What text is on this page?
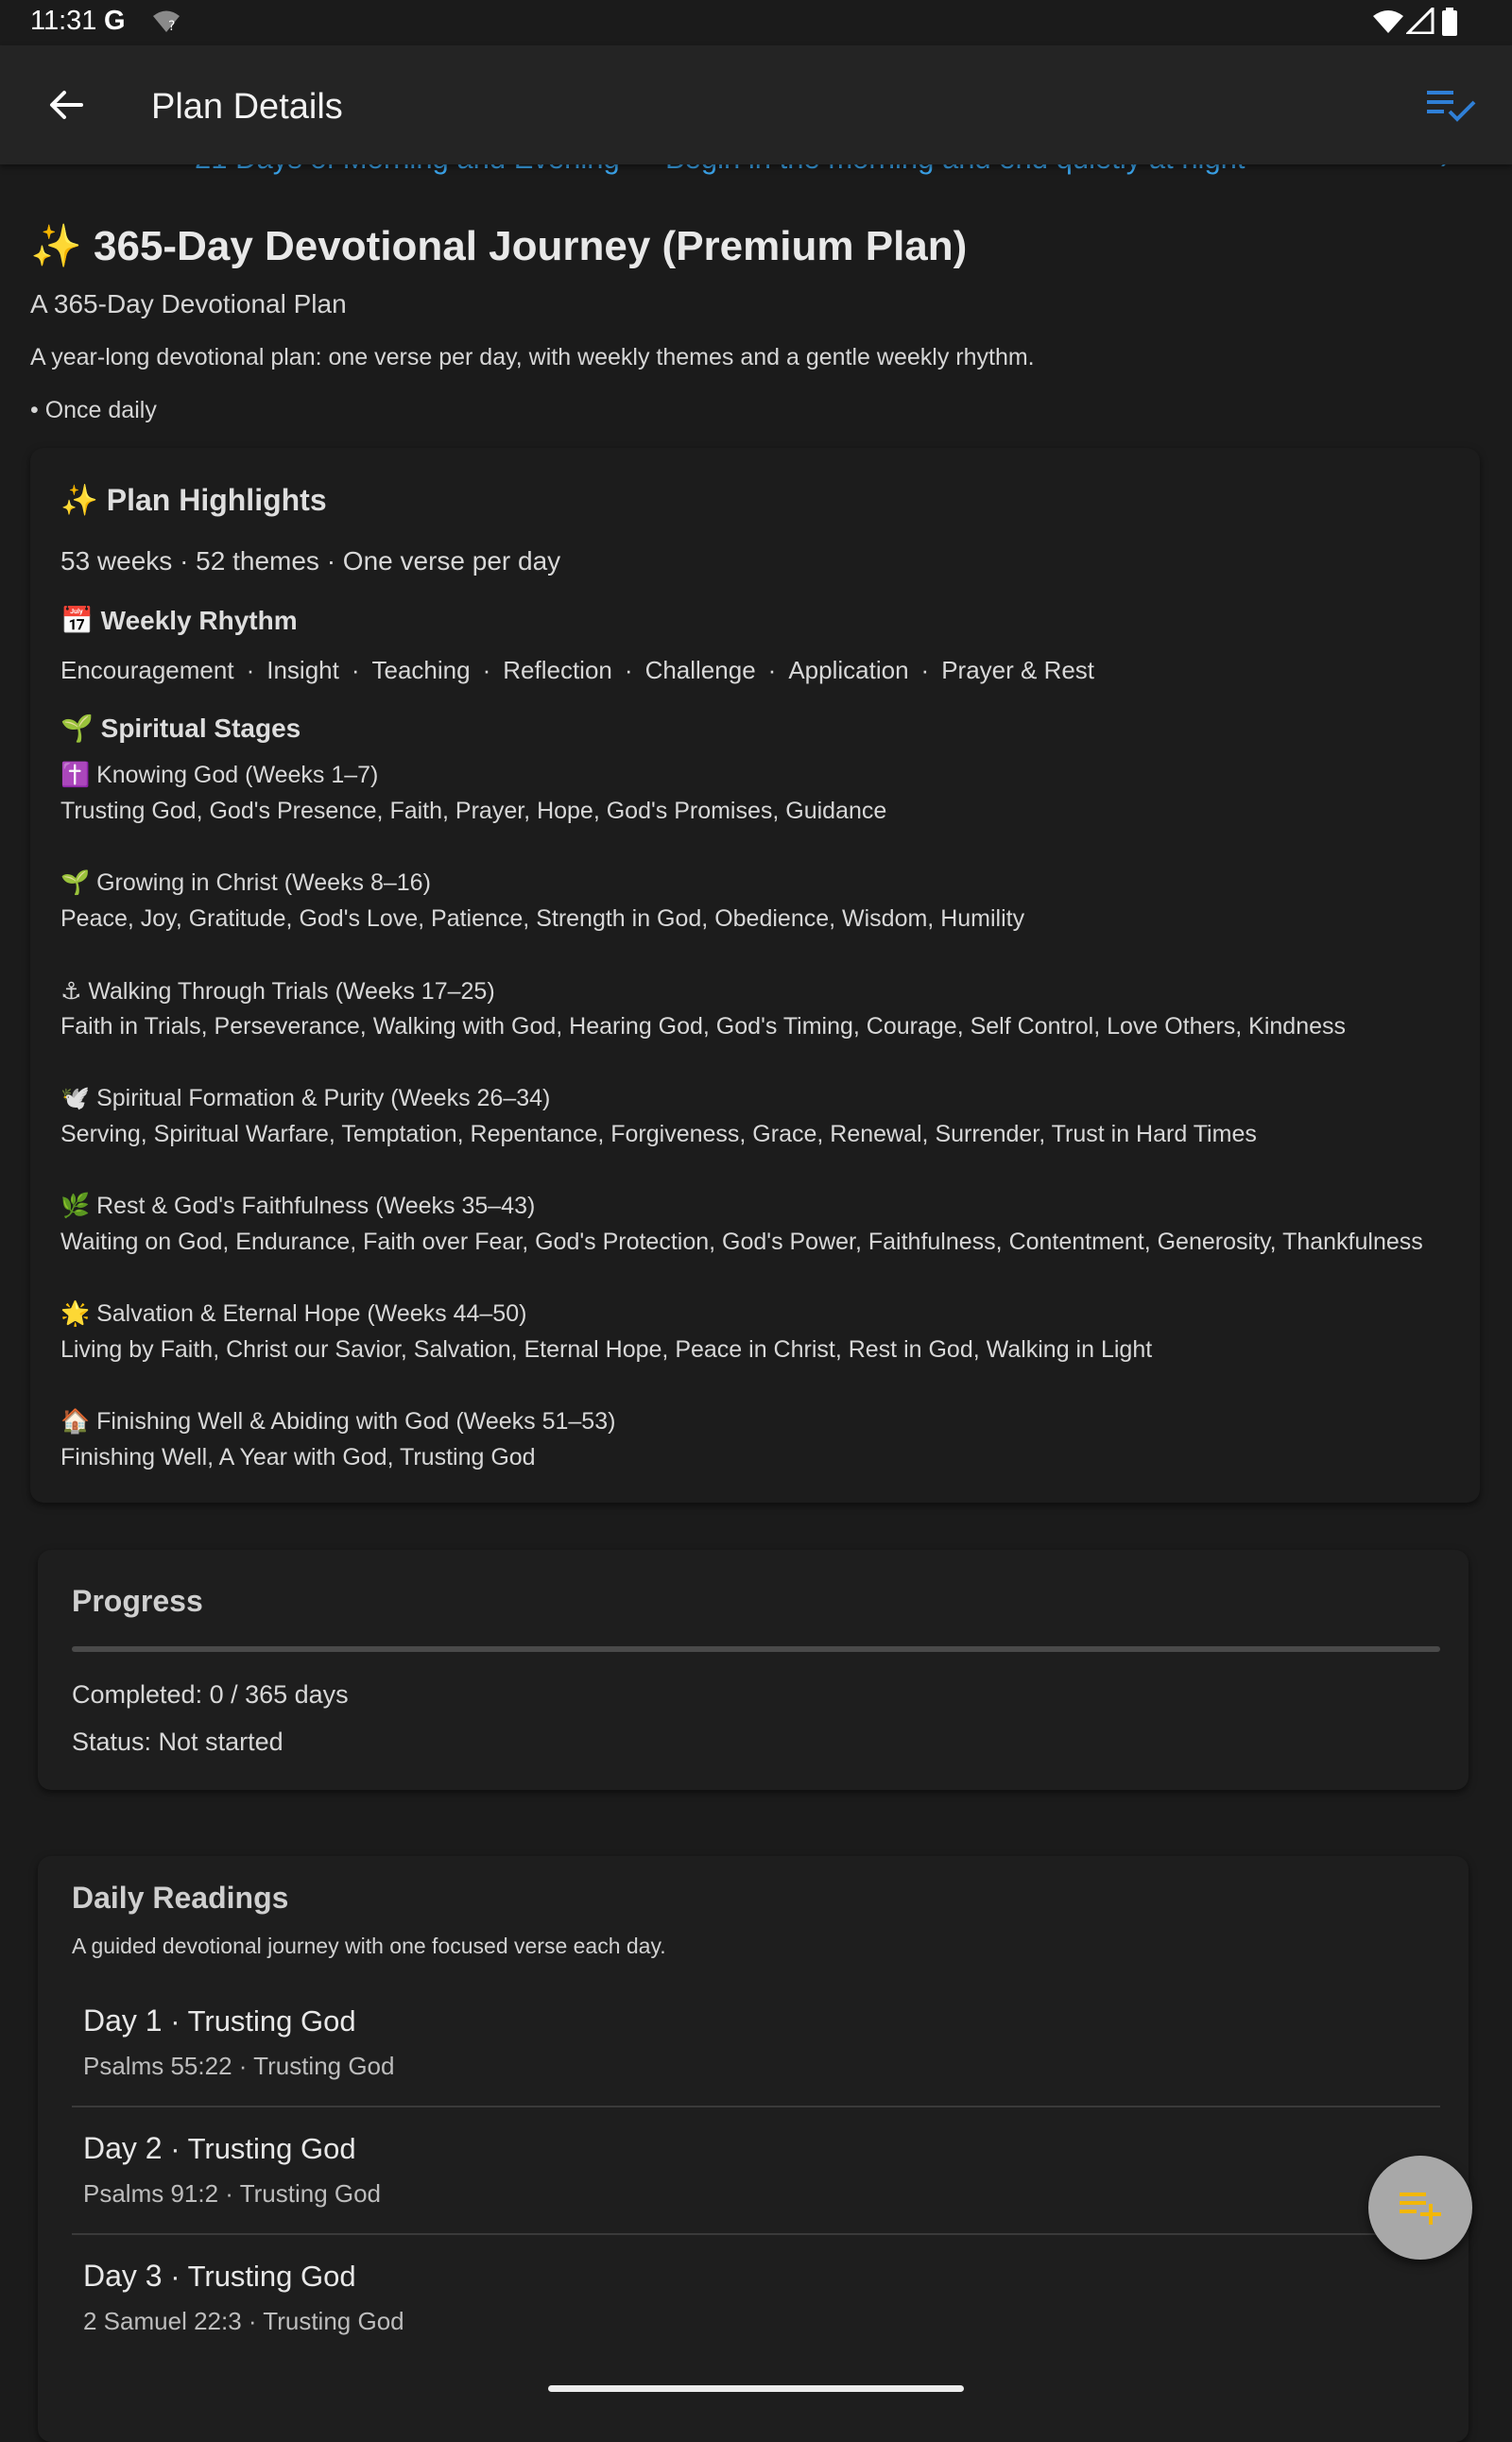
11:31 G	?
Plan Details
✨ 365-Day Devotional Journey (Premium Plan)
A 365-Day Devotional Plan
A year-long devotional plan: one verse per day, with weekly themes and a gentle weekly rhythm.
• Once daily
✨ Plan Highlights
53 weeks · 52 themes · One verse per day
📅 Weekly Rhythm
Encouragement · Insight · Teaching · Reflection · Challenge · Application · Prayer & Rest
🌱 Spiritual Stages
✝️ Knowing God (Weeks 1–7)
Trusting God, God's Presence, Faith, Prayer, Hope, God's Promises, Guidance
🌱 Growing in Christ (Weeks 8–16)
Peace, Joy, Gratitude, God's Love, Patience, Strength in God, Obedience, Wisdom, Humility
⚓ Walking Through Trials (Weeks 17–25)
Faith in Trials, Perseverance, Walking with God, Hearing God, God's Timing, Courage, Self Control, Love Others, Kindness
🕊️ Spiritual Formation & Purity (Weeks 26–34)
Serving, Spiritual Warfare, Temptation, Repentance, Forgiveness, Grace, Renewal, Surrender, Trust in Hard Times
🌿 Rest & God's Faithfulness (Weeks 35–43)
Waiting on God, Endurance, Faith over Fear, God's Protection, God's Power, Faithfulness, Contentment, Generosity, Thankfulness
🌟 Salvation & Eternal Hope (Weeks 44–50)
Living by Faith, Christ our Savior, Salvation, Eternal Hope, Peace in Christ, Rest in God, Walking in Light
🏠 Finishing Well & Abiding with God (Weeks 51–53)
Finishing Well, A Year with God, Trusting God
Progress
Completed: 0 / 365 days
Status: Not started
Daily Readings
A guided devotional journey with one focused verse each day.
Day 1 · Trusting God
Psalms 55:22 · Trusting God
Day 2 · Trusting God
Psalms 91:2 · Trusting God
Day 3 · Trusting God
2 Samuel 22:3 · Trusting God
